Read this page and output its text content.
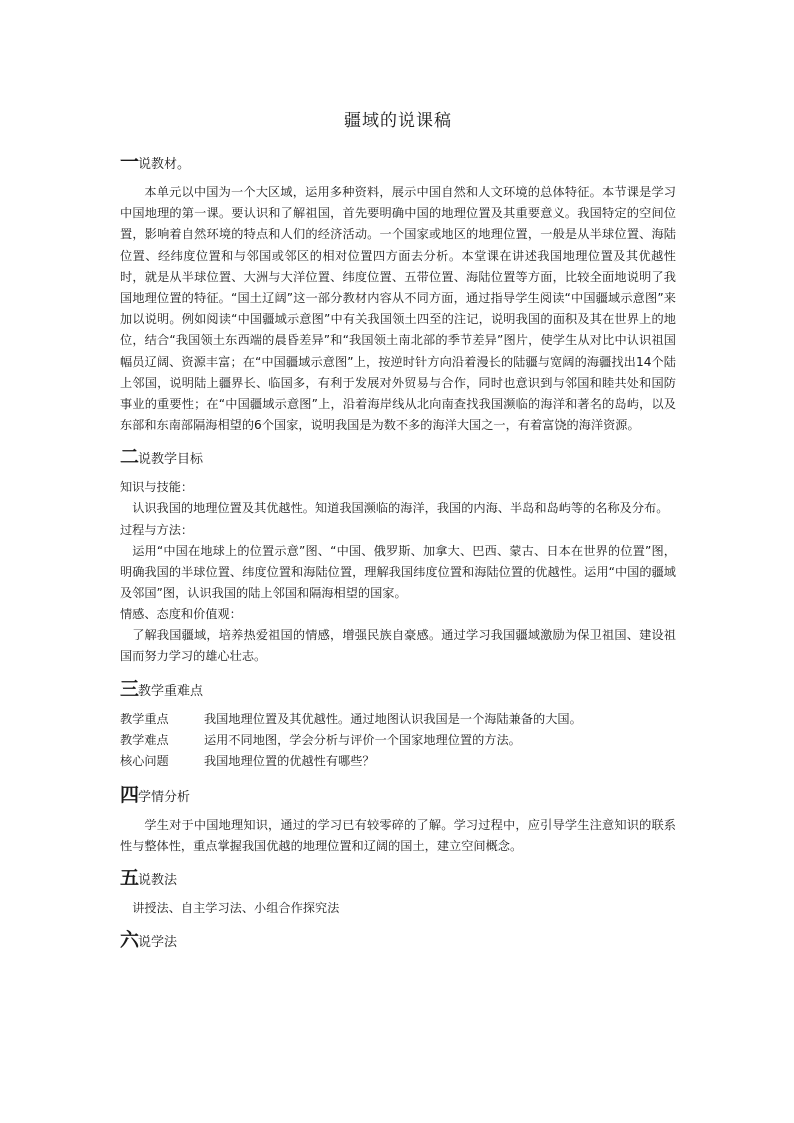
疆域的说课稿
一说教材。

本单元以中国为一个大区域，运用多种资料，展示中国自然和人文环境的总体特征。本节课是学习中国地理的第一课。要认识和了解祖国，首先要明确中国的地理位置及其重要意义。我国特定的空间位置，影响着自然环境的特点和人们的经济活动。一个国家或地区的地理位置，一般是从半球位置、海陆位置、经纬度位置和与邻国或邻区的相对位置四方面去分析。本堂课在讲述我国地理位置及其优越性时，就是从半球位置、大洲与大洋位置、纬度位置、五带位置、海陆位置等方面，比较全面地说明了我国地理位置的特征。“国土辽阔”这一部分教材内容从不同方面，通过指导学生阅读“中国疆域示意图”来加以说明。例如阅读“中国疆域示意图”中有关我国领土四至的注记，说明我国的面积及其在世界上的地位，结合“我国领土东西端的晨昏差异”和“我国领土南北部的季节差异”图片，使学生从对比中认识祖国幅员辽阔、资源丰富；在“中国疆域示意图”上，按逆时针方向沿着漫长的陆疆与宽阔的海疆找出14个陆上邻国，说明陆上疆界长、临国多，有利于发展对外贸易与合作，同时也意识到与邻国和睦共处和国防事业的重要性；在“中国疆域示意图”上，沿着海岸线从北向南查找我国濒临的海洋和著名的岛屿，以及东部和东南部隔海相望的6个国家，说明我国是为数不多的海洋大国之一，有着富饶的海洋资源。

二说教学目标

知识与技能：

认识我国的地理位置及其优越性。知道我国濒临的海洋，我国的内海、半岛和岛屿等的名称及分布。

过程与方法：

运用“中国在地球上的位置示意”图、“中国、俄罗斯、加拿大、巴西、蒙古、日本在世界的位置”图，明确我国的半球位置、纬度位置和海陆位置，理解我国纬度位置和海陆位置的优越性。运用“中国的疆域及邻国”图，认识我国的陆上邻国和隔海相望的国家。

情感、态度和价值观：

了解我国疆域，培养热爱祖国的情感，增强民族自豪感。通过学习我国疆域激励为保卫祖国、建设祖国而努力学习的雄心壮志。

三教学重难点
教学重点	我国地理位置及其优越性。通过地图认识我国是一个海陆兼备的大国。
教学难点	运用不同地图，学会分析与评价一个国家地理位置的方法。
核心问题	我国地理位置的优越性有哪些？
四学情分析

学生对于中国地理知识，通过的学习已有较零碎的了解。学习过程中，应引导学生注意知识的联系性与整体性，重点掌握我国优越的地理位置和辽阔的国土，建立空间概念。

五说教法

讲授法、自主学习法、小组合作探究法

六说学法
